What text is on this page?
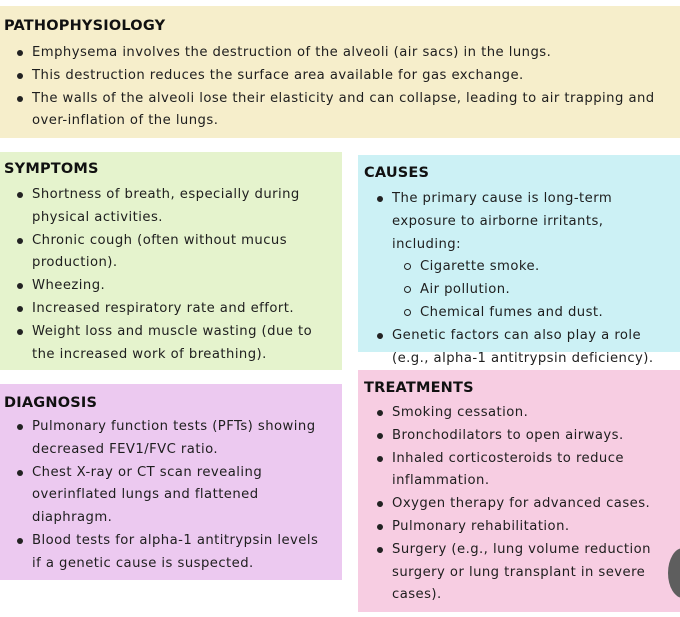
PATHOPHYSIOLOGY
Emphysema involves the destruction of the alveoli (air sacs) in the lungs.
This destruction reduces the surface area available for gas exchange.
The walls of the alveoli lose their elasticity and can collapse, leading to air trapping and over-inflation of the lungs.
SYMPTOMS
Shortness of breath, especially during physical activities.
Chronic cough (often without mucus production).
Wheezing.
Increased respiratory rate and effort.
Weight loss and muscle wasting (due to the increased work of breathing).
CAUSES
The primary cause is long-term exposure to airborne irritants, including:
Cigarette smoke.
Air pollution.
Chemical fumes and dust.
Genetic factors can also play a role (e.g., alpha-1 antitrypsin deficiency).
DIAGNOSIS
Pulmonary function tests (PFTs) showing decreased FEV1/FVC ratio.
Chest X-ray or CT scan revealing overinflated lungs and flattened diaphragm.
Blood tests for alpha-1 antitrypsin levels if a genetic cause is suspected.
TREATMENTS
Smoking cessation.
Bronchodilators to open airways.
Inhaled corticosteroids to reduce inflammation.
Oxygen therapy for advanced cases.
Pulmonary rehabilitation.
Surgery (e.g., lung volume reduction surgery or lung transplant in severe cases).
